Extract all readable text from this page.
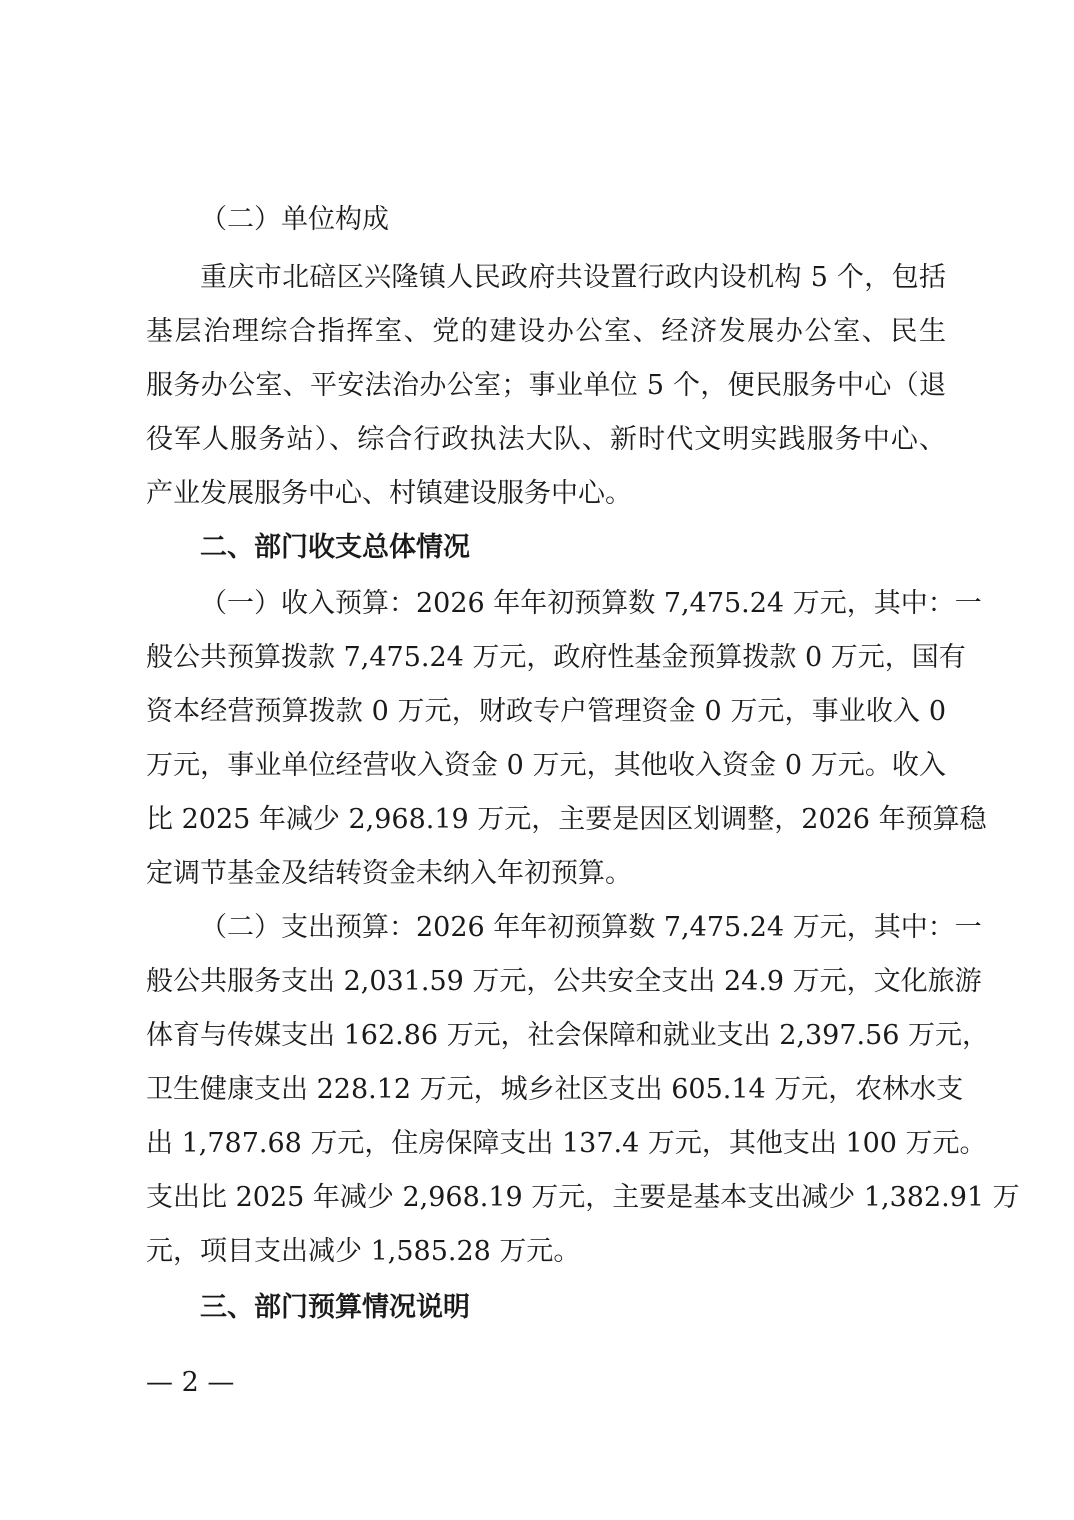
（二）单位构成
重庆市北碚区兴隆镇人民政府共设置行政内设机构 5 个，包括
基层治理综合指挥室、党的建设办公室、经济发展办公室、民生
服务办公室、平安法治办公室；事业单位 5 个，便民服务中心（退
役军人服务站）、综合行政执法大队、新时代文明实践服务中心、
产业发展服务中心、村镇建设服务中心。
二、部门收支总体情况
（一）收入预算：2026 年年初预算数 7,475.24 万元，其中：一
般公共预算拨款 7,475.24 万元，政府性基金预算拨款 0 万元，国有
资本经营预算拨款 0 万元，财政专户管理资金 0 万元，事业收入 0
万元，事业单位经营收入资金 0 万元，其他收入资金 0 万元。收入
比 2025 年减少 2,968.19 万元，主要是因区划调整，2026 年预算稳
定调节基金及结转资金未纳入年初预算。
（二）支出预算：2026 年年初预算数 7,475.24 万元，其中：一
般公共服务支出 2,031.59 万元，公共安全支出 24.9 万元，文化旅游
体育与传媒支出 162.86 万元，社会保障和就业支出 2,397.56 万元，
卫生健康支出 228.12 万元，城乡社区支出 605.14 万元，农林水支
出 1,787.68 万元，住房保障支出 137.4 万元，其他支出 100 万元。
支出比 2025 年减少 2,968.19 万元，主要是基本支出减少 1,382.91 万
元，项目支出减少 1,585.28 万元。
三、部门预算情况说明
— 2 —
